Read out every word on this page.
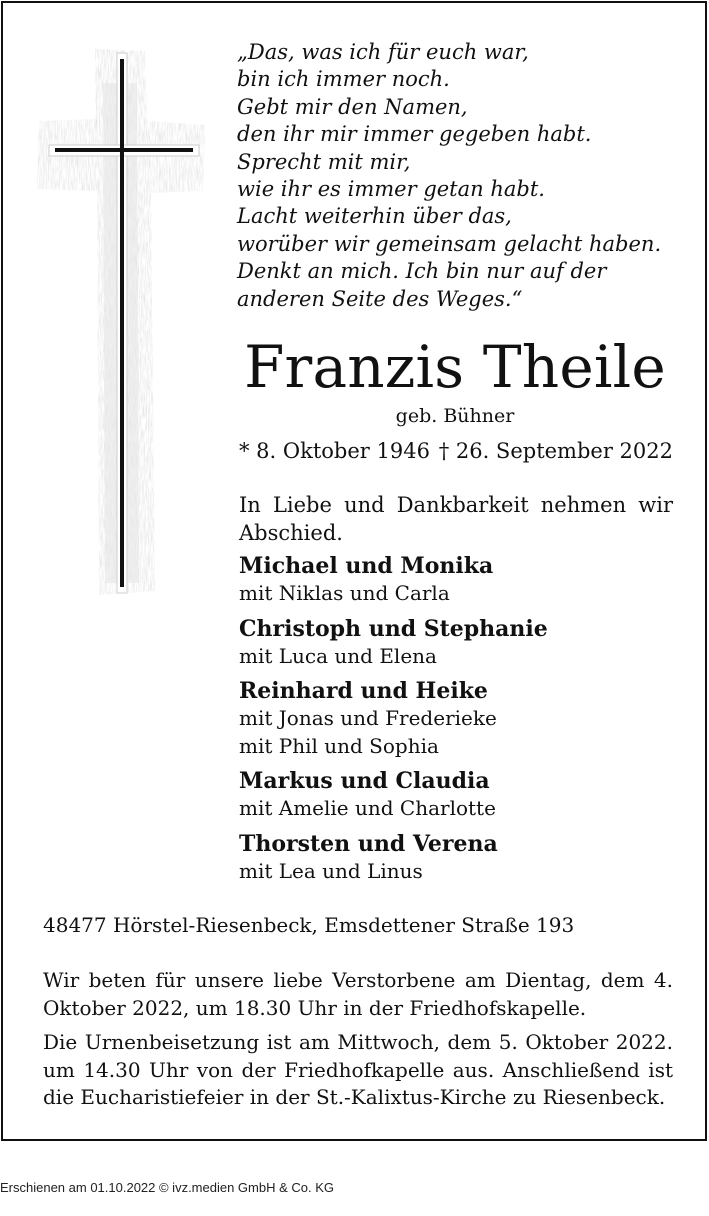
„Das, was ich für euch war,
bin ich immer noch.
Gebt mir den Namen,
den ihr mir immer gegeben habt.
Sprecht mit mir,
wie ihr es immer getan habt.
Lacht weiterhin über das,
worüber wir gemeinsam gelacht haben.
Denkt an mich. Ich bin nur auf der
anderen Seite des Weges.“
Franzis Theile
geb. Bühner
* 8. Oktober 1946 † 26. September 2022
In Liebe und Dankbarkeit nehmen wir Abschied.
Michael und Monika
mit Niklas und Carla
Christoph und Stephanie
mit Luca und Elena
Reinhard und Heike
mit Jonas und Frederieke
mit Phil und Sophia
Markus und Claudia
mit Amelie und Charlotte
Thorsten und Verena
mit Lea und Linus
48477 Hörstel-Riesenbeck, Emsdettener Straße 193
Wir beten für unsere liebe Verstorbene am Dientag, dem 4. Oktober 2022, um 18.30 Uhr in der Friedhofskapelle.
Die Urnenbeisetzung ist am Mittwoch, dem 5. Oktober 2022. um 14.30 Uhr von der Friedhofkapelle aus. Anschließend ist die Eucharistiefeier in der St.-Kalixtus-Kirche zu Riesenbeck.
Erschienen am 01.10.2022 © ivz.medien GmbH & Co. KG
